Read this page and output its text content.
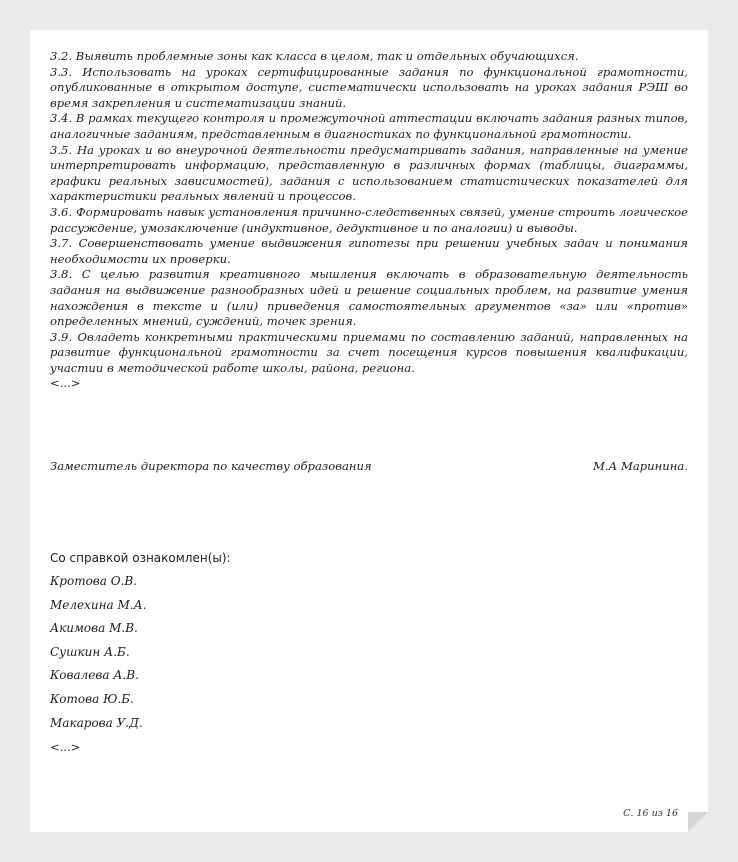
3.2. Выявить проблемные зоны как класса в целом, так и отдельных обучающихся.

3.3. Использовать на уроках сертифицированные задания по функциональной грамотности, опубликованные в открытом доступе, систематически использовать на уроках задания РЭШ во время закрепления и систематизации знаний.

3.4. В рамках текущего контроля и промежуточной аттестации включать задания разных типов, аналогичные заданиям, представленным в диагностиках по функциональной грамотности.

3.5. На уроках и во внеурочной деятельности предусматривать задания, направленные на умение интерпретировать информацию, представленную в различных формах (таблицы, диаграммы, графики реальных зависимостей), задания с использованием статистических показателей для характеристики реальных явлений и процессов.

3.6. Формировать навык установления причинно-следственных связей, умение строить логическое рассуждение, умозаключение (индуктивное, дедуктивное и по аналогии) и выводы.

3.7. Совершенствовать умение выдвижения гипотезы при решении учебных задач и понимания необходимости их проверки.

3.8. С целью развития креативного мышления включать в образовательную деятельность задания на выдвижение разнообразных идей и решение социальных проблем, на развитие умения нахождения в тексте и (или) приведения самостоятельных аргументов «за» или «против» определенных мнений, суждений, точек зрения.

3.9. Овладеть конкретными практическими приемами по составлению заданий, направленных на развитие функциональной грамотности за счет посещения курсов повышения квалификации, участии в методической работе школы, района, региона.

<...>

Заместитель директора по качеству образования	М.А Маринина.
Со справкой ознакомлен(ы):
Кротова О.В.
Мелехина М.А.
Акимова М.В.
Сушкин А.Б.
Ковалева А.В.
Котова Ю.Б.
Макарова У.Д.
<...>
С. 16 из 16
